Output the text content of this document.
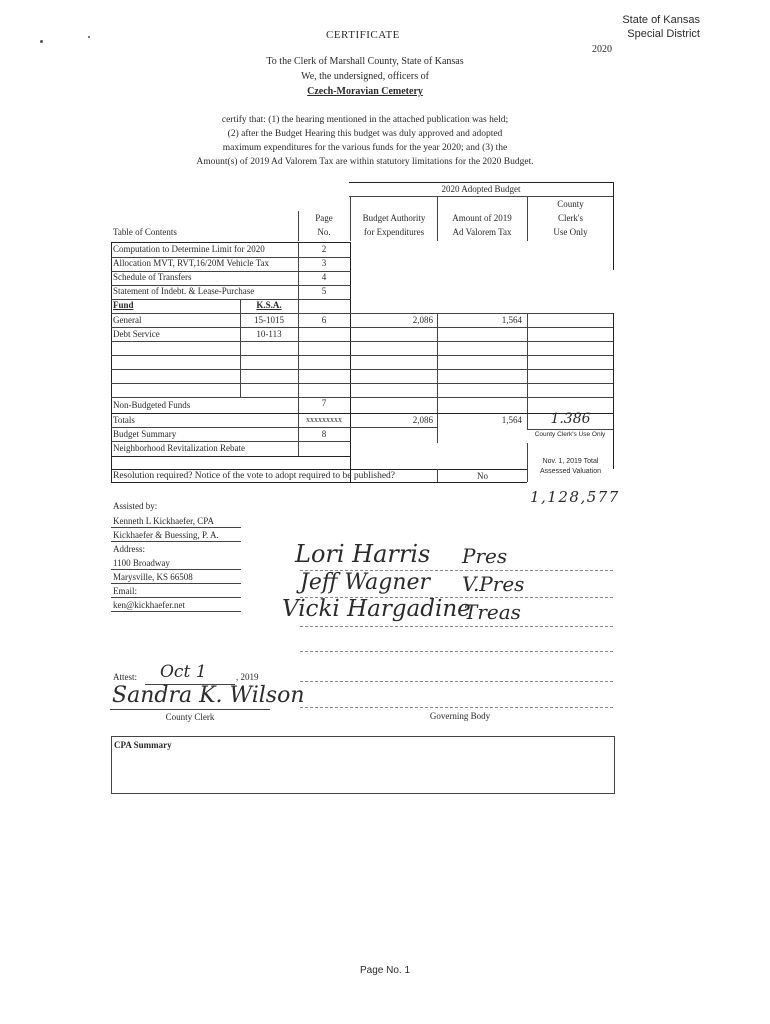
State of Kansas
Special District
2020
CERTIFICATE
To the Clerk of Marshall County, State of Kansas
We, the undersigned, officers of
Czech-Moravian Cemetery
certify that: (1) the hearing mentioned in the attached publication was held;
(2) after the Budget Hearing this budget was duly approved and adopted
maximum expenditures for the various funds for the year 2020; and (3) the
Amount(s) of 2019 Ad Valorem Tax are within statutory limitations for the 2020 Budget.
2020 Adopted Budget
Table of Contents
Page
No.
Budget Authority
for Expenditures
Amount of 2019
Ad Valorem Tax
County
Clerk's
Use Only
Computation to Determine Limit for 2020	2
Allocation MVT, RVT,16/20M Vehicle Tax	3
Schedule of Transfers	4
Statement of Indebt. & Lease-Purchase	5
Fund	K.S.A.
General	15-1015	6	2,086	1,564
Debt Service	10-113
Non-Budgeted Funds	7
Totals	xxxxxxxxx	2,086	1,564	1.386
Budget Summary	8	County Clerk's Use Only
Neighborhood Revitalization Rebate
Nov. 1, 2019 Total
Assessed Valuation
Resolution required? Notice of the vote to adopt required to be published?	No
1,128,577
Assisted by:
Kenneth L Kickhaefer, CPA
Kickhaefer & Buessing, P. A.
Address:
1100 Broadway
Marysville, KS 66508
Email:
ken@kickhaefer.net
Lori Harris Pres
Jeff Wagner V.Pres
Vicki Hargadine
Treas
Governing Body
Attest: Oct 1	, 2019
Sandra K. Wilson
County Clerk
CPA Summary
Page No. 1
